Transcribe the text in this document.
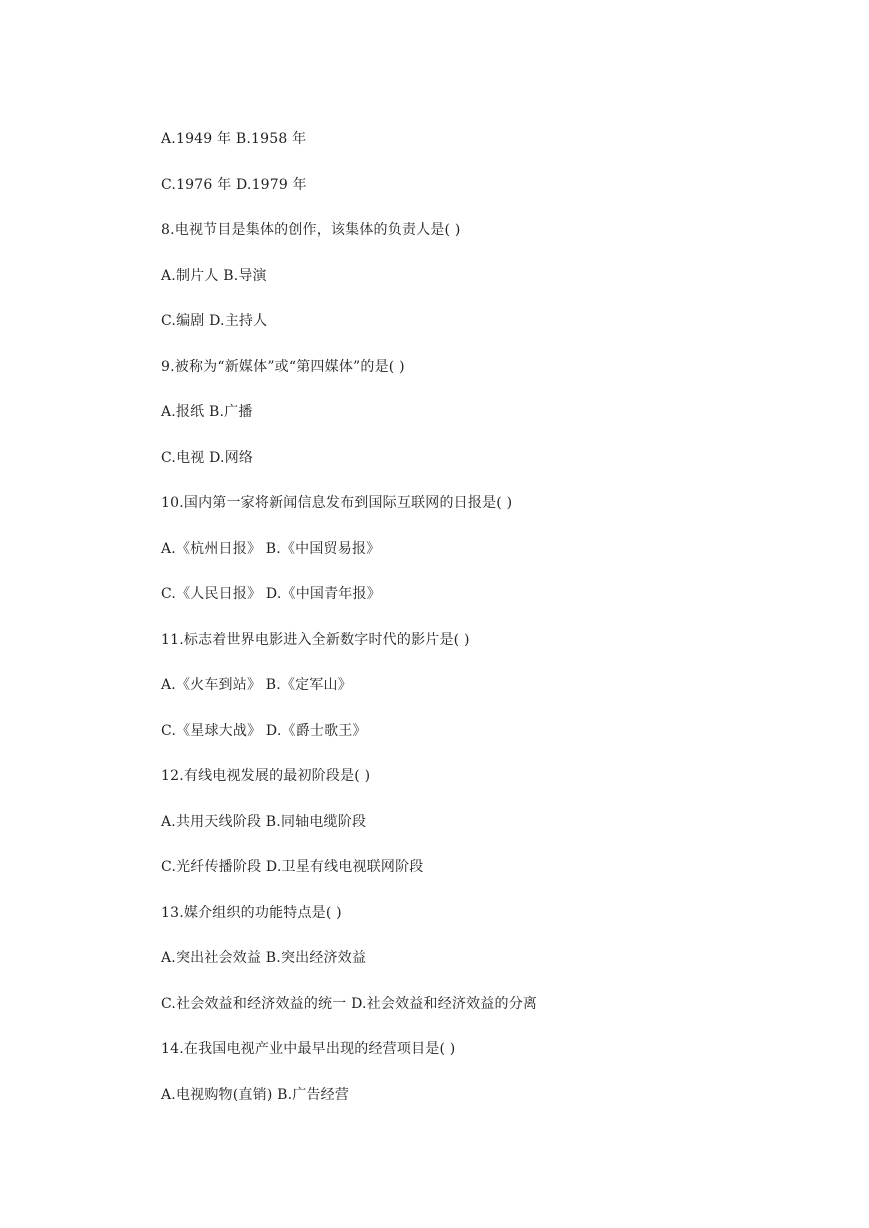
A.1949 年 B.1958 年
C.1976 年 D.1979 年
8.电视节目是集体的创作，该集体的负责人是( )
A.制片人 B.导演
C.编剧 D.主持人
9.被称为“新媒体”或“第四媒体”的是( )
A.报纸 B.广播
C.电视 D.网络
10.国内第一家将新闻信息发布到国际互联网的日报是( )
A.《杭州日报》 B.《中国贸易报》
C.《人民日报》 D.《中国青年报》
11.标志着世界电影进入全新数字时代的影片是( )
A.《火车到站》 B.《定军山》
C.《星球大战》 D.《爵士歌王》
12.有线电视发展的最初阶段是( )
A.共用天线阶段 B.同轴电缆阶段
C.光纤传播阶段 D.卫星有线电视联网阶段
13.媒介组织的功能特点是( )
A.突出社会效益 B.突出经济效益
C.社会效益和经济效益的统一 D.社会效益和经济效益的分离
14.在我国电视产业中最早出现的经营项目是( )
A.电视购物(直销) B.广告经营
